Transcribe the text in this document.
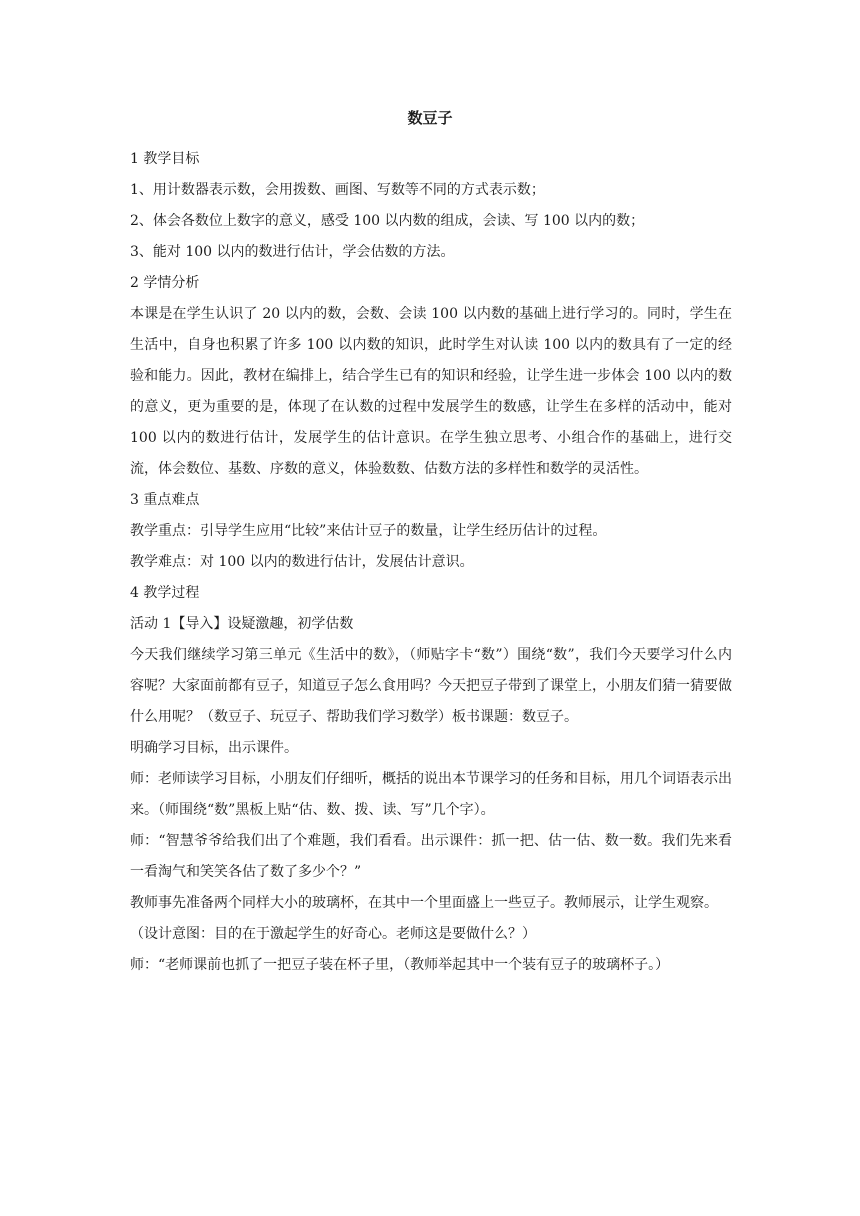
数豆子

1 教学目标

1、用计数器表示数，会用拨数、画图、写数等不同的方式表示数；

2、体会各数位上数字的意义，感受 100 以内数的组成，会读、写 100 以内的数；

3、能对 100 以内的数进行估计，学会估数的方法。

2 学情分析

本课是在学生认识了 20 以内的数，会数、会读 100 以内数的基础上进行学习的。同时，学生在生活中，自身也积累了许多 100 以内数的知识，此时学生对认读 100 以内的数具有了一定的经验和能力。因此，教材在编排上，结合学生已有的知识和经验，让学生进一步体会 100 以内的数的意义，更为重要的是，体现了在认数的过程中发展学生的数感，让学生在多样的活动中，能对 100 以内的数进行估计，发展学生的估计意识。在学生独立思考、小组合作的基础上，进行交流，体会数位、基数、序数的意义，体验数数、估数方法的多样性和数学的灵活性。

3 重点难点

教学重点：引导学生应用“比较”来估计豆子的数量，让学生经历估计的过程。

教学难点：对 100 以内的数进行估计，发展估计意识。

4 教学过程

活动 1【导入】设疑激趣，初学估数

今天我们继续学习第三单元《生活中的数》，（师贴字卡“数”）围绕“数”，我们今天要学习什么内容呢？大家面前都有豆子，知道豆子怎么食用吗？今天把豆子带到了课堂上，小朋友们猜一猜要做什么用呢？（数豆子、玩豆子、帮助我们学习数学）板书课题：数豆子。

明确学习目标，出示课件。

师：老师读学习目标，小朋友们仔细听，概括的说出本节课学习的任务和目标，用几个词语表示出来。（师围绕“数”黑板上贴“估、数、拨、读、写”几个字）。

师：“智慧爷爷给我们出了个难题，我们看看。出示课件：抓一把、估一估、数一数。我们先来看一看淘气和笑笑各估了数了多少个？”

教师事先准备两个同样大小的玻璃杯，在其中一个里面盛上一些豆子。教师展示，让学生观察。

（设计意图：目的在于激起学生的好奇心。老师这是要做什么？）

师：“老师课前也抓了一把豆子装在杯子里，（教师举起其中一个装有豆子的玻璃杯子。）
